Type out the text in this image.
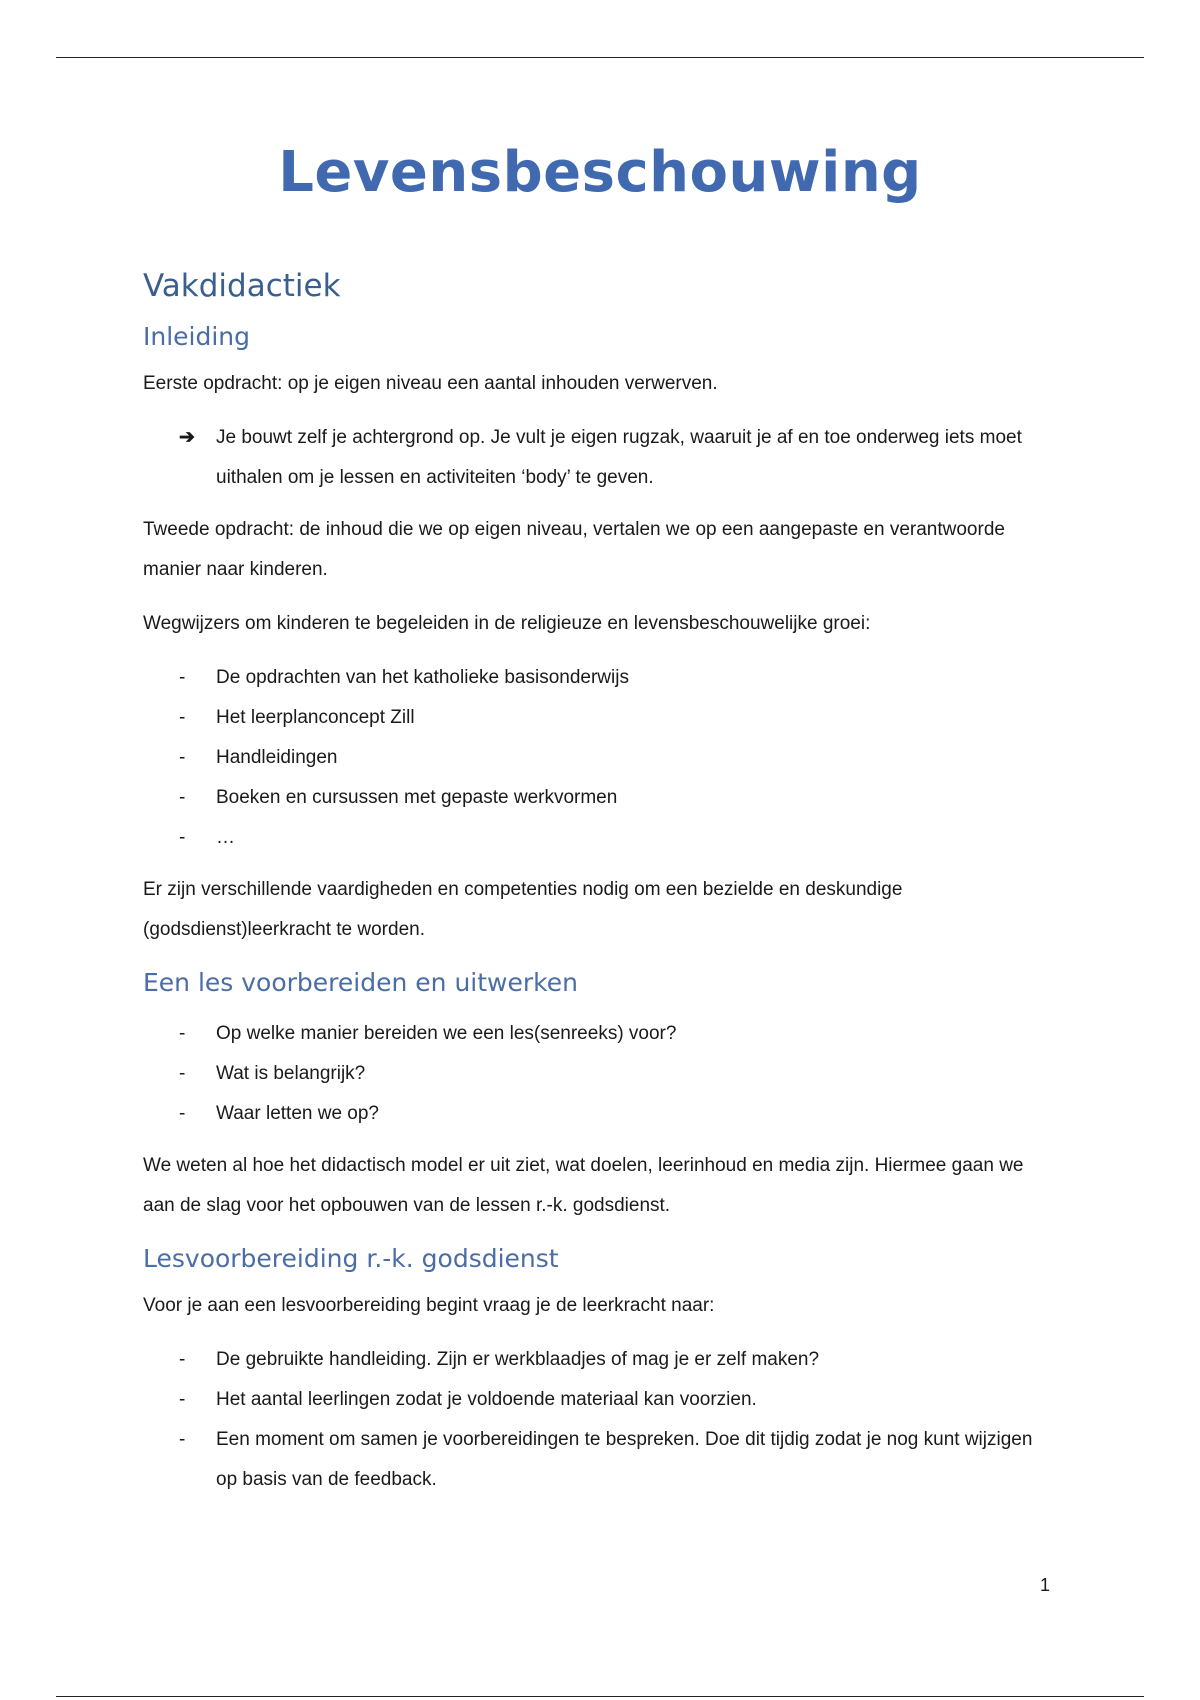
Levensbeschouwing
Vakdidactiek
Inleiding

Eerste opdracht: op je eigen niveau een aantal inhouden verwerven.

➔ Je bouwt zelf je achtergrond op. Je vult je eigen rugzak, waaruit je af en toe onderweg iets moet uithalen om je lessen en activiteiten ‘body’ te geven.

Tweede opdracht: de inhoud die we op eigen niveau, vertalen we op een aangepaste en verantwoorde manier naar kinderen.

Wegwijzers om kinderen te begeleiden in de religieuze en levensbeschouwelijke groei:

-	De opdrachten van het katholieke basisonderwijs
-	Het leerplanconcept Zill
-	Handleidingen
-	Boeken en cursussen met gepaste werkvormen
-	…

Er zijn verschillende vaardigheden en competenties nodig om een bezielde en deskundige (godsdienst)leerkracht te worden.

Een les voorbereiden en uitwerken
-	Op welke manier bereiden we een les(senreeks) voor?
-	Wat is belangrijk?
-	Waar letten we op?

We weten al hoe het didactisch model er uit ziet, wat doelen, leerinhoud en media zijn. Hiermee gaan we aan de slag voor het opbouwen van de lessen r.-k. godsdienst.

Lesvoorbereiding r.-k. godsdienst

Voor je aan een lesvoorbereiding begint vraag je de leerkracht naar:

-	De gebruikte handleiding. Zijn er werkblaadjes of mag je er zelf maken?
-	Het aantal leerlingen zodat je voldoende materiaal kan voorzien.
-	Een moment om samen je voorbereidingen te bespreken. Doe dit tijdig zodat je nog kunt wijzigen op basis van de feedback.
1
